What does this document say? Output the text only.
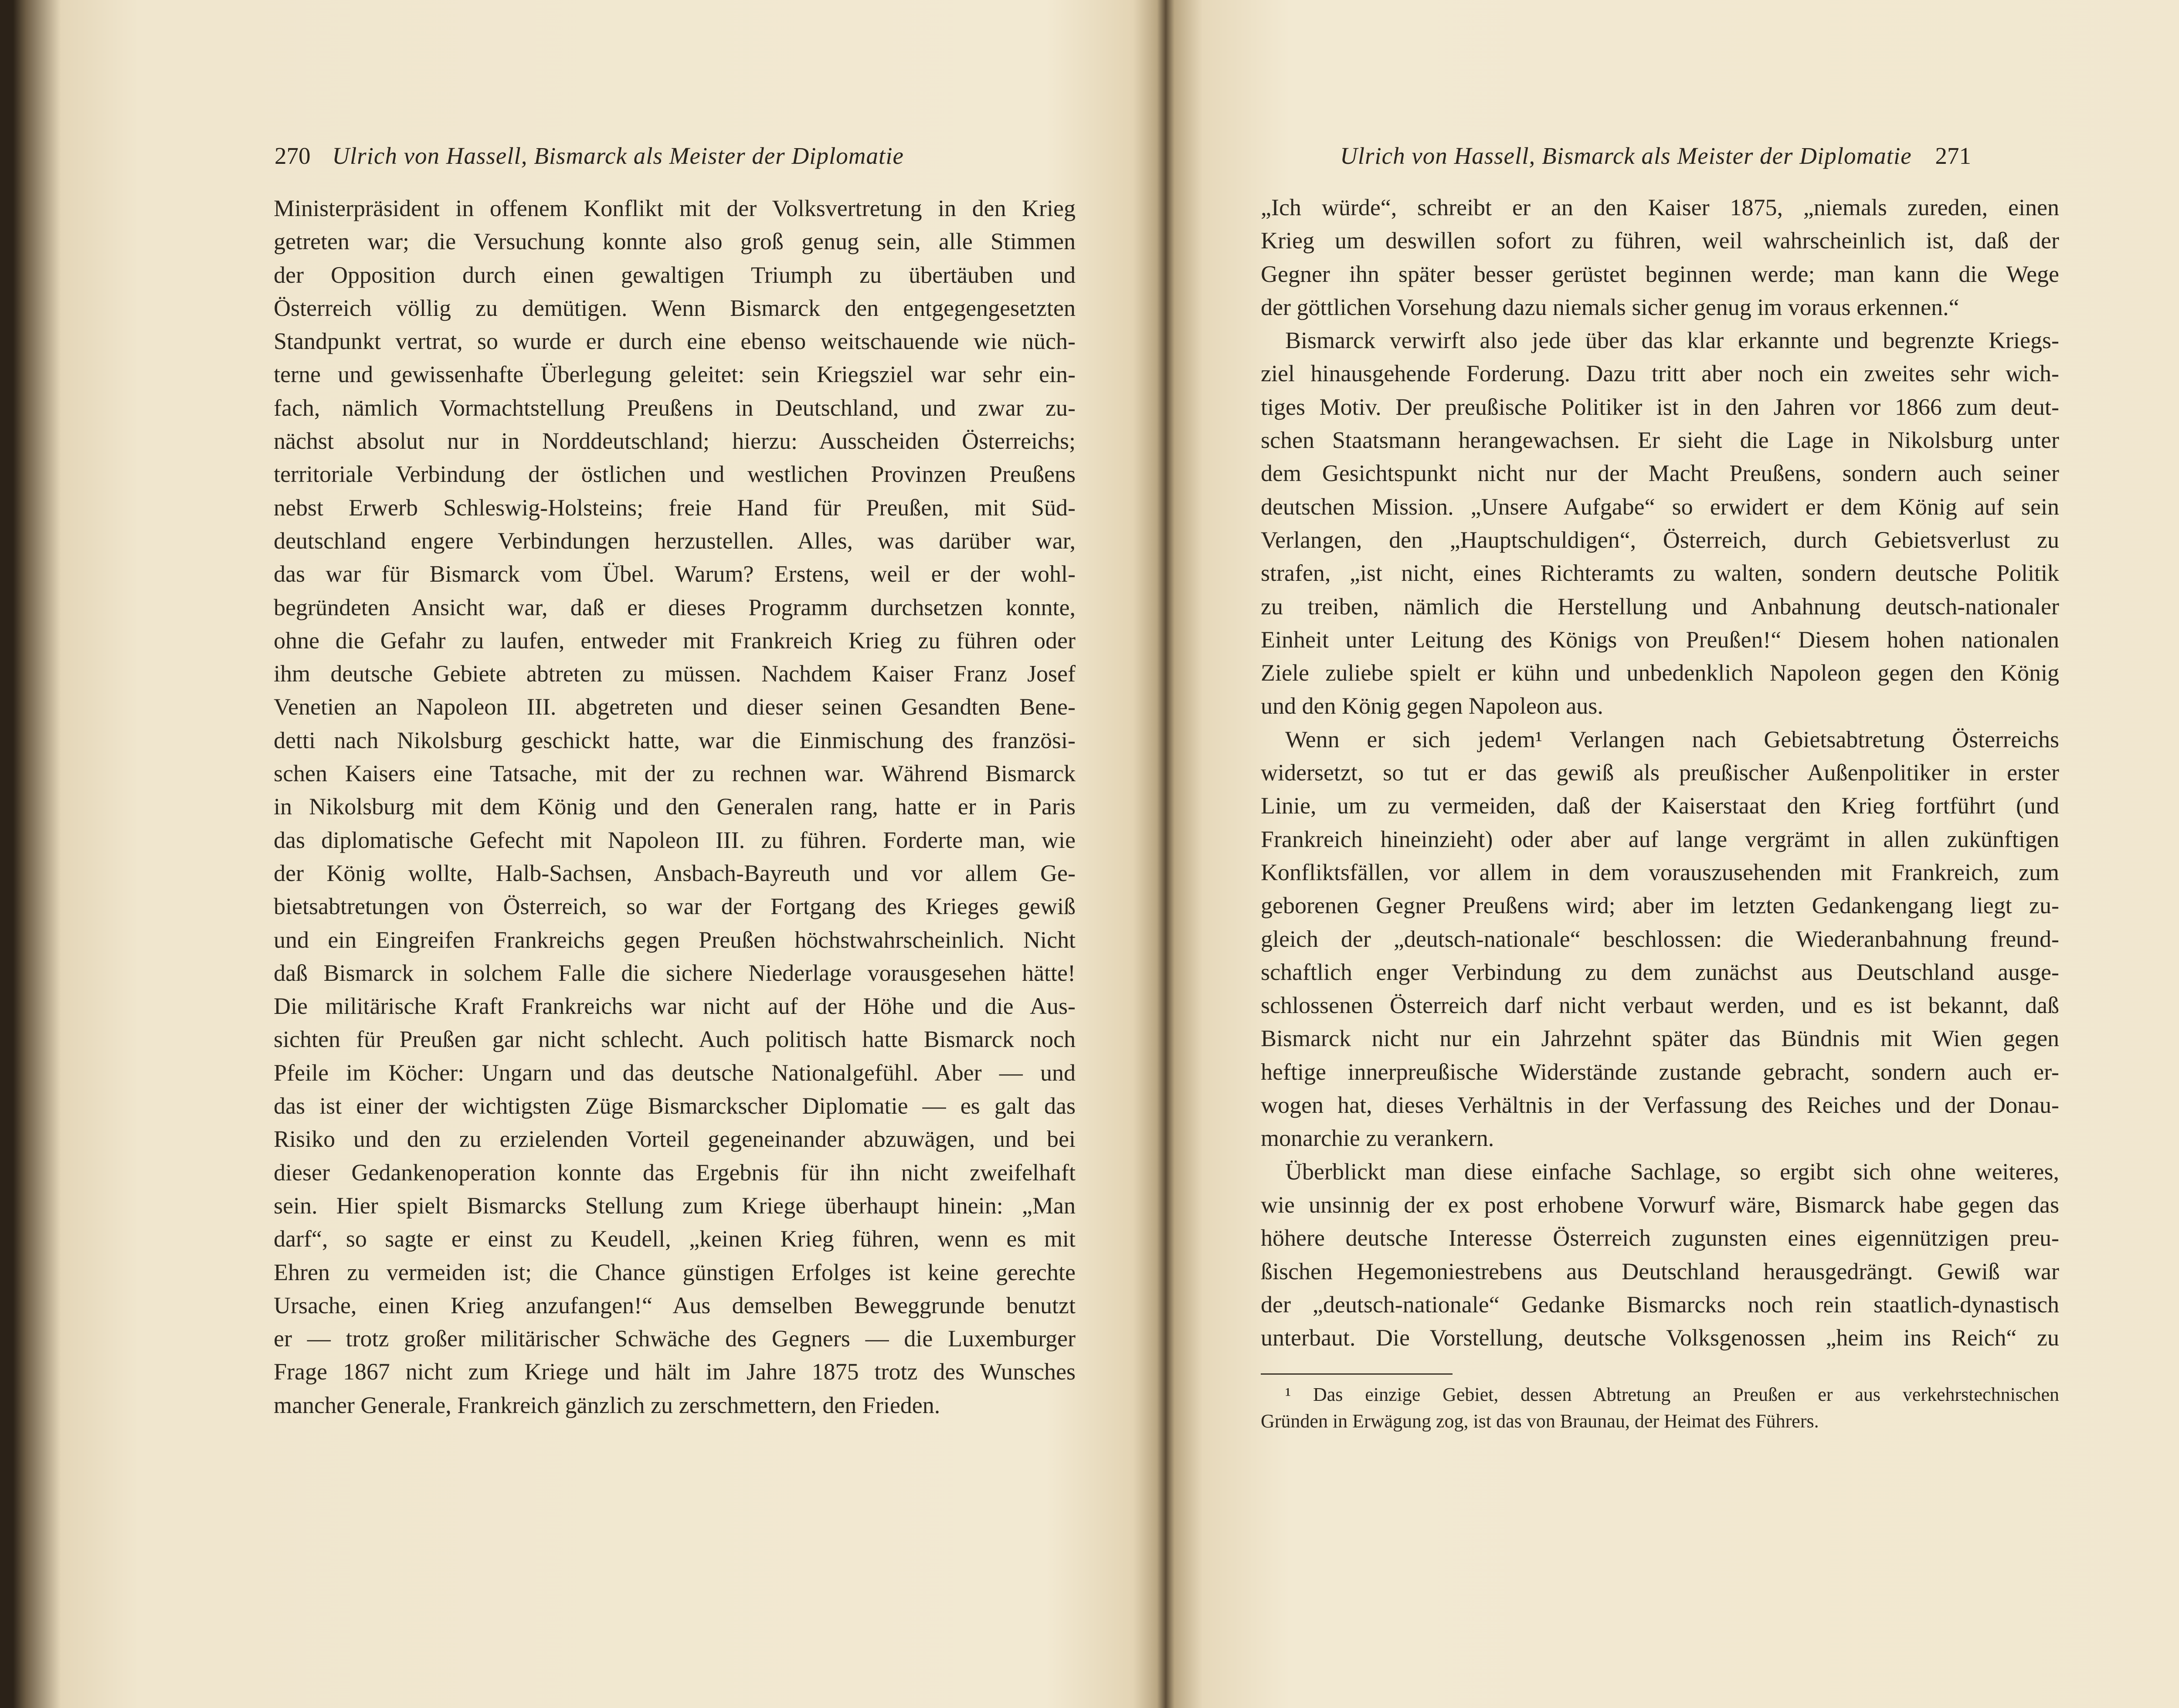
270 Ulrich von Hassell, Bismarck als Meister der Diplomatie
Ministerpräsident in offenem Konflikt mit der Volksvertretung in den Krieg
getreten war; die Versuchung konnte also groß genug sein, alle Stimmen
der Opposition durch einen gewaltigen Triumph zu übertäuben und
Österreich völlig zu demütigen. Wenn Bismarck den entgegengesetzten
Standpunkt vertrat, so wurde er durch eine ebenso weitschauende wie nüch-
terne und gewissenhafte Überlegung geleitet: sein Kriegsziel war sehr ein-
fach, nämlich Vormachtstellung Preußens in Deutschland, und zwar zu-
nächst absolut nur in Norddeutschland; hierzu: Ausscheiden Österreichs;
territoriale Verbindung der östlichen und westlichen Provinzen Preußens
nebst Erwerb Schleswig-Holsteins; freie Hand für Preußen, mit Süd-
deutschland engere Verbindungen herzustellen. Alles, was darüber war,
das war für Bismarck vom Übel. Warum? Erstens, weil er der wohl-
begründeten Ansicht war, daß er dieses Programm durchsetzen konnte,
ohne die Gefahr zu laufen, entweder mit Frankreich Krieg zu führen oder
ihm deutsche Gebiete abtreten zu müssen. Nachdem Kaiser Franz Josef
Venetien an Napoleon III. abgetreten und dieser seinen Gesandten Bene-
detti nach Nikolsburg geschickt hatte, war die Einmischung des französi-
schen Kaisers eine Tatsache, mit der zu rechnen war. Während Bismarck
in Nikolsburg mit dem König und den Generalen rang, hatte er in Paris
das diplomatische Gefecht mit Napoleon III. zu führen. Forderte man, wie
der König wollte, Halb-Sachsen, Ansbach-Bayreuth und vor allem Ge-
bietsabtretungen von Österreich, so war der Fortgang des Krieges gewiß
und ein Eingreifen Frankreichs gegen Preußen höchstwahrscheinlich. Nicht
daß Bismarck in solchem Falle die sichere Niederlage vorausgesehen hätte!
Die militärische Kraft Frankreichs war nicht auf der Höhe und die Aus-
sichten für Preußen gar nicht schlecht. Auch politisch hatte Bismarck noch
Pfeile im Köcher: Ungarn und das deutsche Nationalgefühl. Aber — und
das ist einer der wichtigsten Züge Bismarckscher Diplomatie — es galt das
Risiko und den zu erzielenden Vorteil gegeneinander abzuwägen, und bei
dieser Gedankenoperation konnte das Ergebnis für ihn nicht zweifelhaft
sein. Hier spielt Bismarcks Stellung zum Kriege überhaupt hinein: „Man
darf“, so sagte er einst zu Keudell, „keinen Krieg führen, wenn es mit
Ehren zu vermeiden ist; die Chance günstigen Erfolges ist keine gerechte
Ursache, einen Krieg anzufangen!“ Aus demselben Beweggrunde benutzt
er — trotz großer militärischer Schwäche des Gegners — die Luxemburger
Frage 1867 nicht zum Kriege und hält im Jahre 1875 trotz des Wunsches
mancher Generale, Frankreich gänzlich zu zerschmettern, den Frieden.
Ulrich von Hassell, Bismarck als Meister der Diplomatie 271
„Ich würde“, schreibt er an den Kaiser 1875, „niemals zureden, einen
Krieg um deswillen sofort zu führen, weil wahrscheinlich ist, daß der
Gegner ihn später besser gerüstet beginnen werde; man kann die Wege
der göttlichen Vorsehung dazu niemals sicher genug im voraus erkennen.“
Bismarck verwirft also jede über das klar erkannte und begrenzte Kriegs-
ziel hinausgehende Forderung. Dazu tritt aber noch ein zweites sehr wich-
tiges Motiv. Der preußische Politiker ist in den Jahren vor 1866 zum deut-
schen Staatsmann herangewachsen. Er sieht die Lage in Nikolsburg unter
dem Gesichtspunkt nicht nur der Macht Preußens, sondern auch seiner
deutschen Mission. „Unsere Aufgabe“ so erwidert er dem König auf sein
Verlangen, den „Hauptschuldigen“, Österreich, durch Gebietsverlust zu
strafen, „ist nicht, eines Richteramts zu walten, sondern deutsche Politik
zu treiben, nämlich die Herstellung und Anbahnung deutsch-nationaler
Einheit unter Leitung des Königs von Preußen!“ Diesem hohen nationalen
Ziele zuliebe spielt er kühn und unbedenklich Napoleon gegen den König
und den König gegen Napoleon aus.
Wenn er sich jedem¹ Verlangen nach Gebietsabtretung Österreichs
widersetzt, so tut er das gewiß als preußischer Außenpolitiker in erster
Linie, um zu vermeiden, daß der Kaiserstaat den Krieg fortführt (und
Frankreich hineinzieht) oder aber auf lange vergrämt in allen zukünftigen
Konfliktsfällen, vor allem in dem vorauszusehenden mit Frankreich, zum
geborenen Gegner Preußens wird; aber im letzten Gedankengang liegt zu-
gleich der „deutsch-nationale“ beschlossen: die Wiederanbahnung freund-
schaftlich enger Verbindung zu dem zunächst aus Deutschland ausge-
schlossenen Österreich darf nicht verbaut werden, und es ist bekannt, daß
Bismarck nicht nur ein Jahrzehnt später das Bündnis mit Wien gegen
heftige innerpreußische Widerstände zustande gebracht, sondern auch er-
wogen hat, dieses Verhältnis in der Verfassung des Reiches und der Donau-
monarchie zu verankern.
Überblickt man diese einfache Sachlage, so ergibt sich ohne weiteres,
wie unsinnig der ex post erhobene Vorwurf wäre, Bismarck habe gegen das
höhere deutsche Interesse Österreich zugunsten eines eigennützigen preu-
ßischen Hegemoniestrebens aus Deutschland herausgedrängt. Gewiß war
der „deutsch-nationale“ Gedanke Bismarcks noch rein staatlich-dynastisch
unterbaut. Die Vorstellung, deutsche Volksgenossen „heim ins Reich“ zu
¹ Das einzige Gebiet, dessen Abtretung an Preußen er aus verkehrstechnischen
Gründen in Erwägung zog, ist das von Braunau, der Heimat des Führers.
